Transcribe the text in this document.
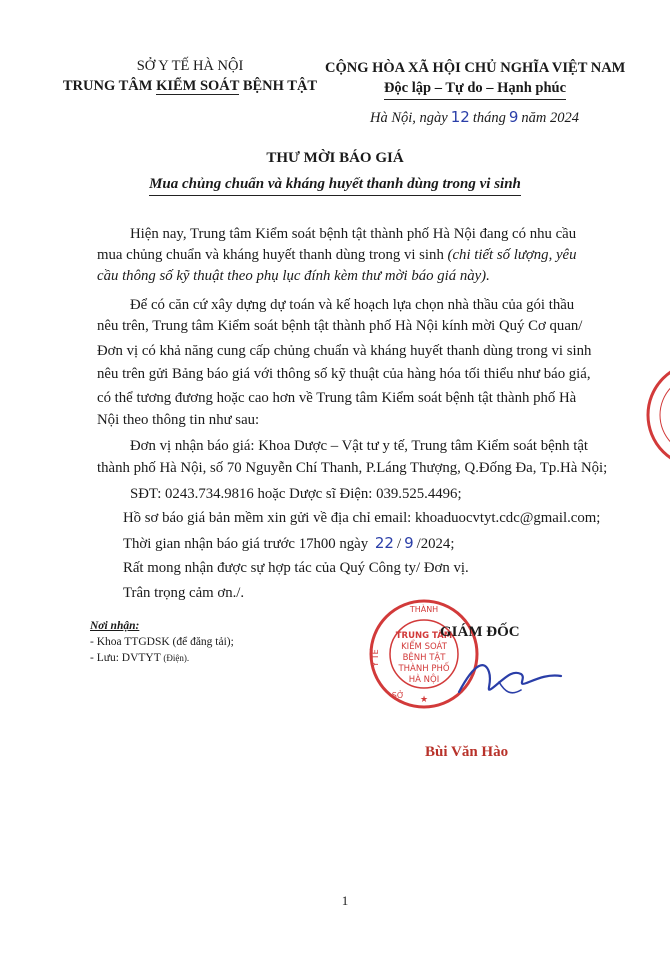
SỞ Y TẾ HÀ NỘI
TRUNG TÂM KIỂM SOÁT BỆNH TẬT
CỘNG HÒA XÃ HỘI CHỦ NGHĨA VIỆT NAM
Độc lập – Tự do – Hạnh phúc
Hà Nội, ngày 12 tháng 9 năm 2024
THƯ MỜI BÁO GIÁ
Mua chủng chuẩn và kháng huyết thanh dùng trong vi sinh
Hiện nay, Trung tâm Kiểm soát bệnh tật thành phố Hà Nội đang có nhu cầu
mua chủng chuẩn và kháng huyết thanh dùng trong vi sinh (chi tiết số lượng, yêu
cầu thông số kỹ thuật theo phụ lục đính kèm thư mời báo giá này).
Để có căn cứ xây dựng dự toán và kế hoạch lựa chọn nhà thầu của gói thầu
nêu trên, Trung tâm Kiểm soát bệnh tật thành phố Hà Nội kính mời Quý Cơ quan/
Đơn vị có khả năng cung cấp chủng chuẩn và kháng huyết thanh dùng trong vi sinh
nêu trên gửi Bảng báo giá với thông số kỹ thuật của hàng hóa tối thiểu như báo giá,
có thể tương đương hoặc cao hơn về Trung tâm Kiểm soát bệnh tật thành phố Hà
Nội theo thông tin như sau:
Đơn vị nhận báo giá: Khoa Dược – Vật tư y tế, Trung tâm Kiểm soát bệnh tật
thành phố Hà Nội, số 70 Nguyễn Chí Thanh, P.Láng Thượng, Q.Đống Đa, Tp.Hà Nội;
SĐT: 0243.734.9816 hoặc Dược sĩ Điện: 039.525.4496;
Hồ sơ báo giá bản mềm xin gửi về địa chỉ email: khoaduocvtyt.cdc@gmail.com;
Thời gian nhận báo giá trước 17h00 ngày 22 / 9 /2024;
Rất mong nhận được sự hợp tác của Quý Công ty/ Đơn vị.
Trân trọng cảm ơn./.
Nơi nhận:
- Khoa TTGDSK (để đăng tải);
- Lưu: DVTYT (Điện).
THÀNH
Y TẾ
SỞ
TRUNG TÂM
KIỂM SOÁT
BỆNH TẬT
THÀNH PHỐ
HÀ NỘI
★
GIÁM ĐỐC
Bùi Văn Hào
1
